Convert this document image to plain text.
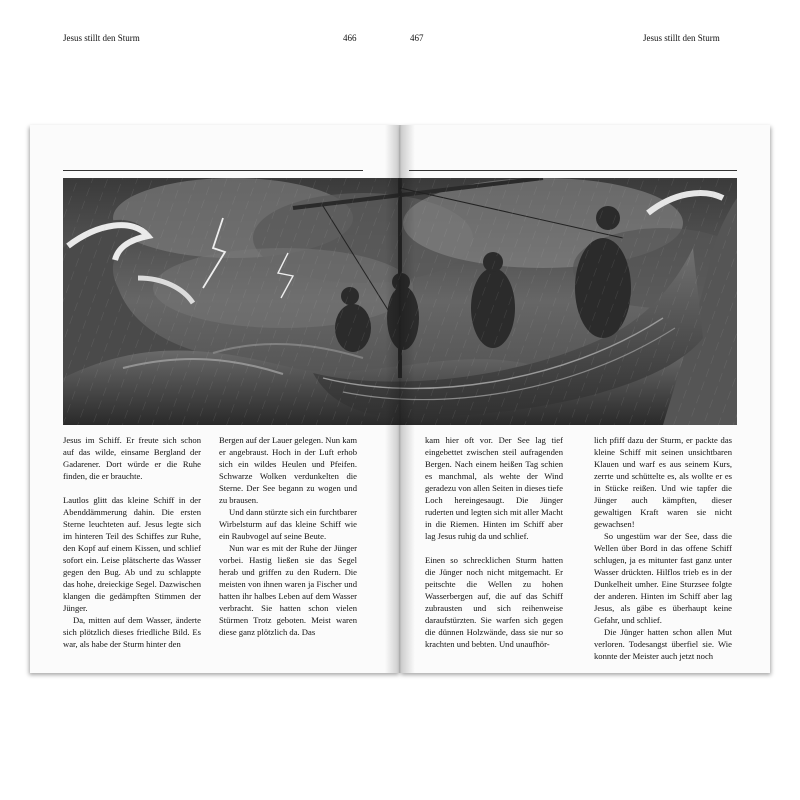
Jesus stillt den Sturm	466	467	Jesus stillt den Sturm

Jesus im Schiff. Er freute sich schon auf das wilde, einsame Bergland der Gadarener. Dort würde er die Ruhe finden, die er brauchte.

Lautlos glitt das kleine Schiff in der Abenddämmerung dahin. Die ersten Sterne leuchteten auf. Jesus legte sich im hinteren Teil des Schiffes zur Ruhe, den Kopf auf einem Kissen, und schlief sofort ein. Leise plätscherte das Wasser gegen den Bug. Ab und zu schlappte das hohe, dreieckige Segel. Dazwischen klangen die gedämpften Stimmen der Jünger.

Da, mitten auf dem Wasser, änderte sich plötzlich dieses friedliche Bild. Es war, als habe der Sturm hinter den

Bergen auf der Lauer gelegen. Nun kam er angebraust. Hoch in der Luft erhob sich ein wildes Heulen und Pfeifen. Schwarze Wolken verdunkelten die Sterne. Der See begann zu wogen und zu brausen.

Und dann stürzte sich ein furchtbarer Wirbelsturm auf das kleine Schiff wie ein Raubvogel auf seine Beute.

Nun war es mit der Ruhe der Jünger vorbei. Hastig ließen sie das Segel herab und griffen zu den Rudern. Die meisten von ihnen waren ja Fischer und hatten ihr halbes Leben auf dem Wasser verbracht. Sie hatten schon vielen Stürmen Trotz geboten. Meist waren diese ganz plötzlich da. Das

kam hier oft vor. Der See lag tief eingebettet zwischen steil aufragenden Bergen. Nach einem heißen Tag schien es manchmal, als wehte der Wind geradezu von allen Seiten in dieses tiefe Loch hereingesaugt. Die Jünger ruderten und legten sich mit aller Macht in die Riemen. Hinten im Schiff aber lag Jesus ruhig da und schlief.

Einen so schrecklichen Sturm hatten die Jünger noch nicht mitgemacht. Er peitschte die Wellen zu hohen Wasserbergen auf, die auf das Schiff zubrausten und sich reihenweise daraufstürzten. Sie warfen sich gegen die dünnen Holzwände, dass sie nur so krachten und bebten. Und unaufhör-

lich pfiff dazu der Sturm, er packte das kleine Schiff mit seinen unsichtbaren Klauen und warf es aus seinem Kurs, zerrte und schüttelte es, als wollte er es in Stücke reißen. Und wie tapfer die Jünger auch kämpften, dieser gewaltigen Kraft waren sie nicht gewachsen!

So ungestüm war der See, dass die Wellen über Bord in das offene Schiff schlugen, ja es mitunter fast ganz unter Wasser drückten. Hilflos trieb es in der Dunkelheit umher. Eine Sturzsee folgte der anderen. Hinten im Schiff aber lag Jesus, als gäbe es überhaupt keine Gefahr, und schlief.

Die Jünger hatten schon allen Mut verloren. Todesangst überfiel sie. Wie konnte der Meister auch jetzt noch
